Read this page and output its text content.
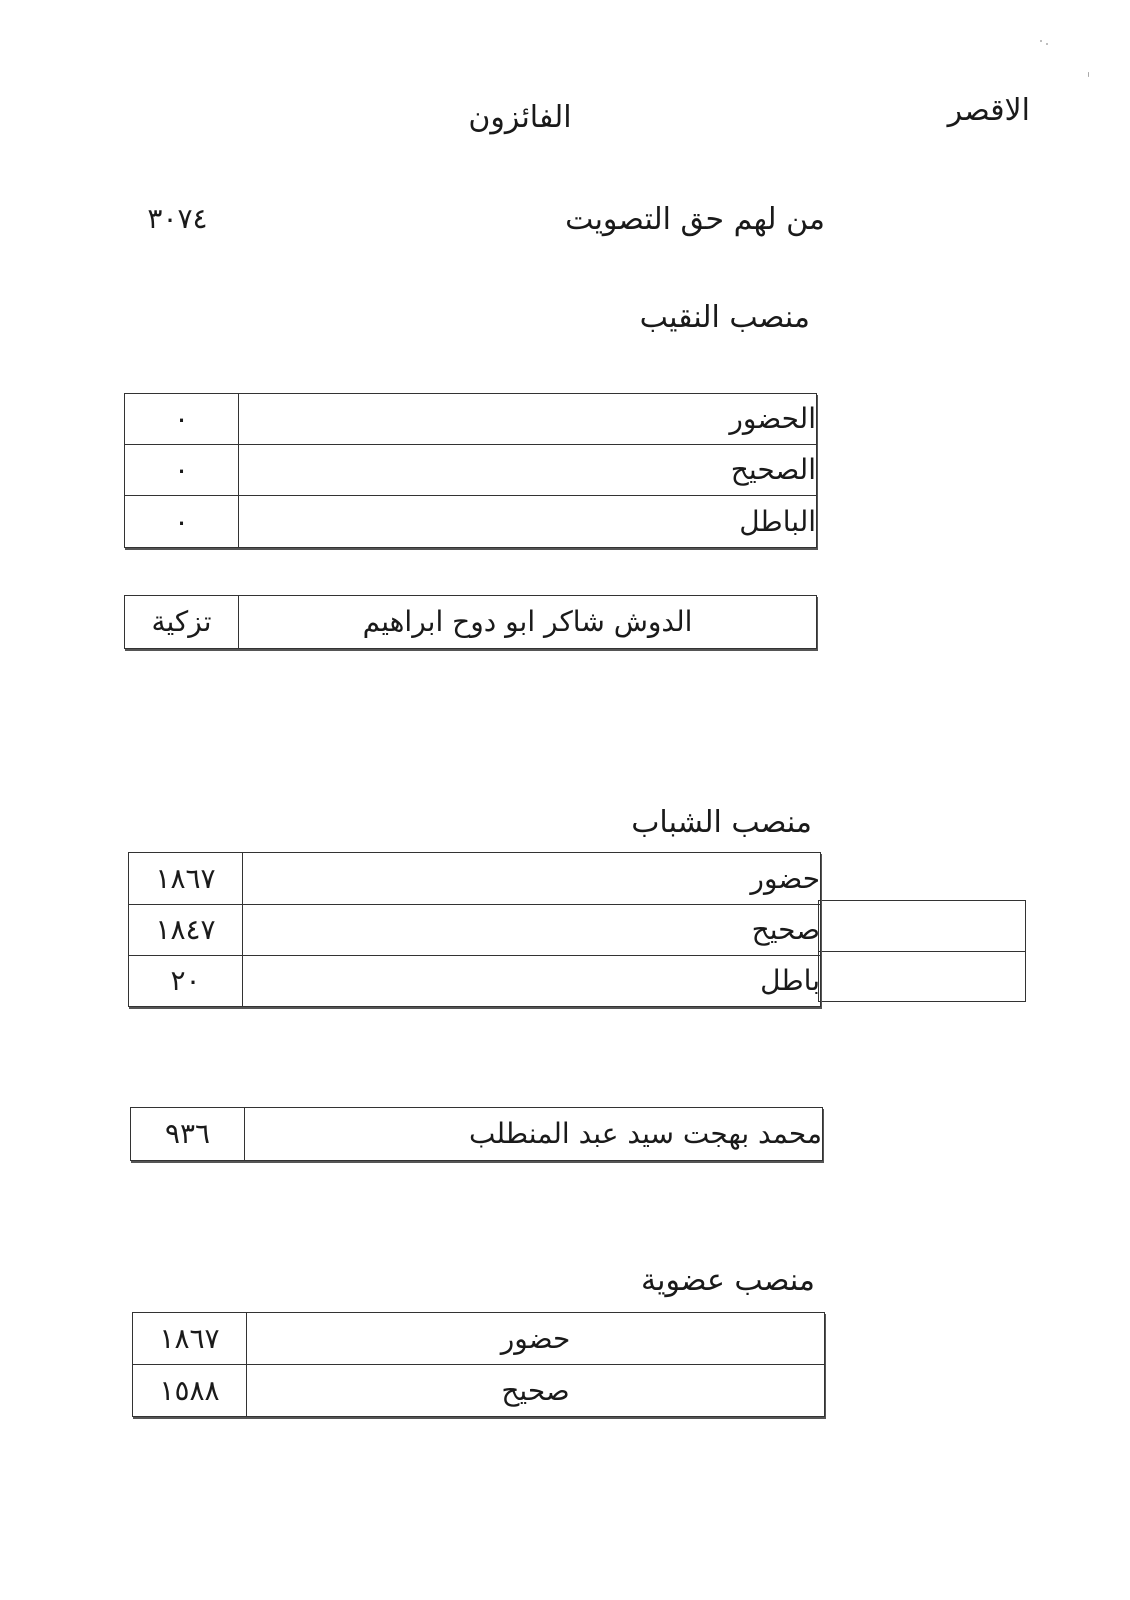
الاقصر
الفائزون
من لهم حق التصويت
٣٠٧٤
منصب النقيب
٠	الحضور
٠	الصحيح
٠	الباطل
تزكية	الدوش شاكر ابو دوح ابراهيم
منصب الشباب
١٨٦٧	حضور
١٨٤٧	صحيح
٢٠	باطل
٩٣٦	محمد بهجت سيد عبد المنطلب
منصب عضوية
١٨٦٧	حضور
١٥٨٨	صحيح
